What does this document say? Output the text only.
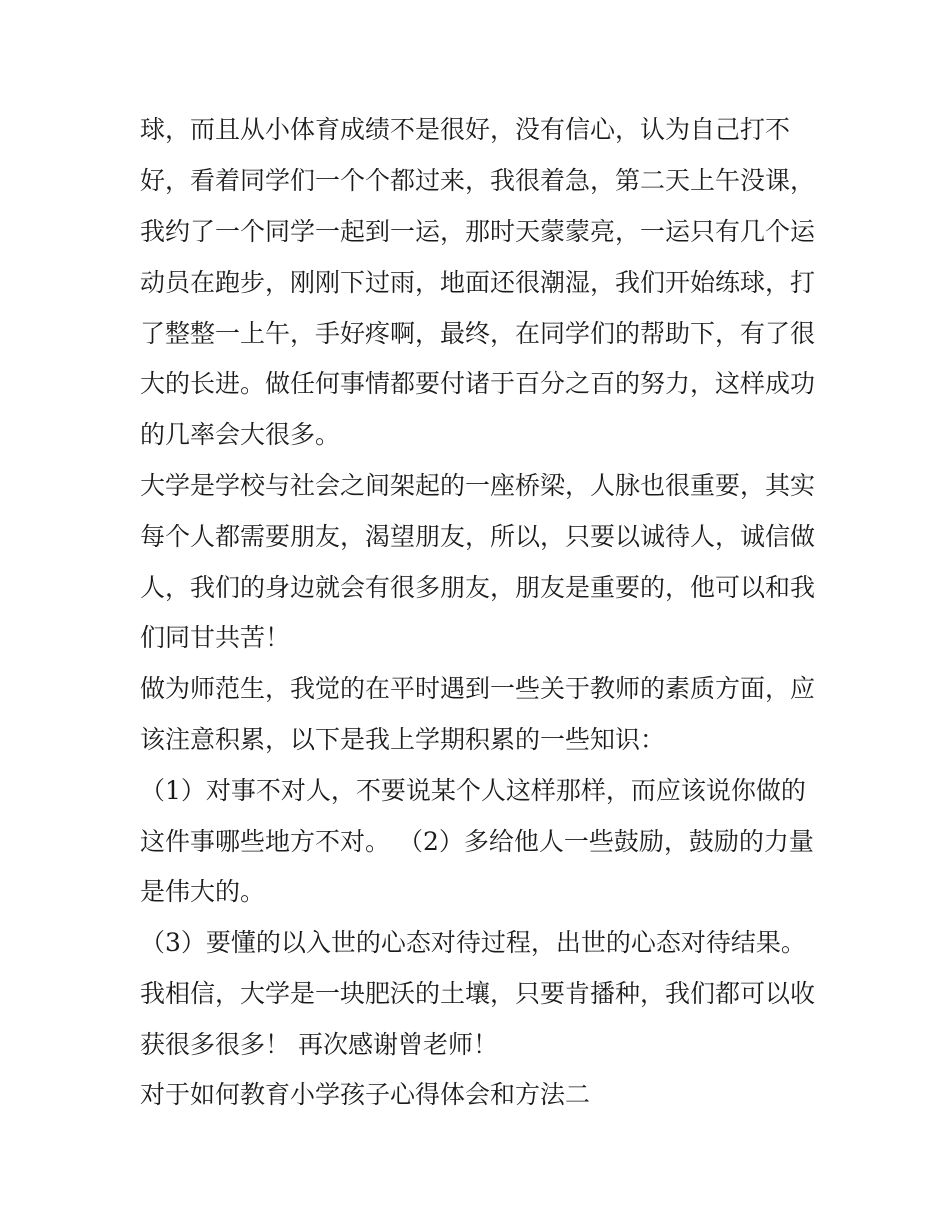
球，而且从小体育成绩不是很好，没有信心，认为自己打不
好，看着同学们一个个都过来，我很着急，第二天上午没课，
我约了一个同学一起到一运，那时天蒙蒙亮，一运只有几个运
动员在跑步，刚刚下过雨，地面还很潮湿，我们开始练球，打
了整整一上午，手好疼啊，最终，在同学们的帮助下，有了很
大的长进。做任何事情都要付诸于百分之百的努力，这样成功
的几率会大很多。
大学是学校与社会之间架起的一座桥梁，人脉也很重要，其实
每个人都需要朋友，渴望朋友，所以，只要以诚待人，诚信做
人，我们的身边就会有很多朋友，朋友是重要的，他可以和我
们同甘共苦！
做为师范生，我觉的在平时遇到一些关于教师的素质方面，应
该注意积累，以下是我上学期积累的一些知识：
（1）对事不对人，不要说某个人这样那样，而应该说你做的
这件事哪些地方不对。 （2）多给他人一些鼓励，鼓励的力量
是伟大的。
（3）要懂的以入世的心态对待过程，出世的心态对待结果。
我相信，大学是一块肥沃的土壤，只要肯播种，我们都可以收
获很多很多！ 再次感谢曾老师！
对于如何教育小学孩子心得体会和方法二
